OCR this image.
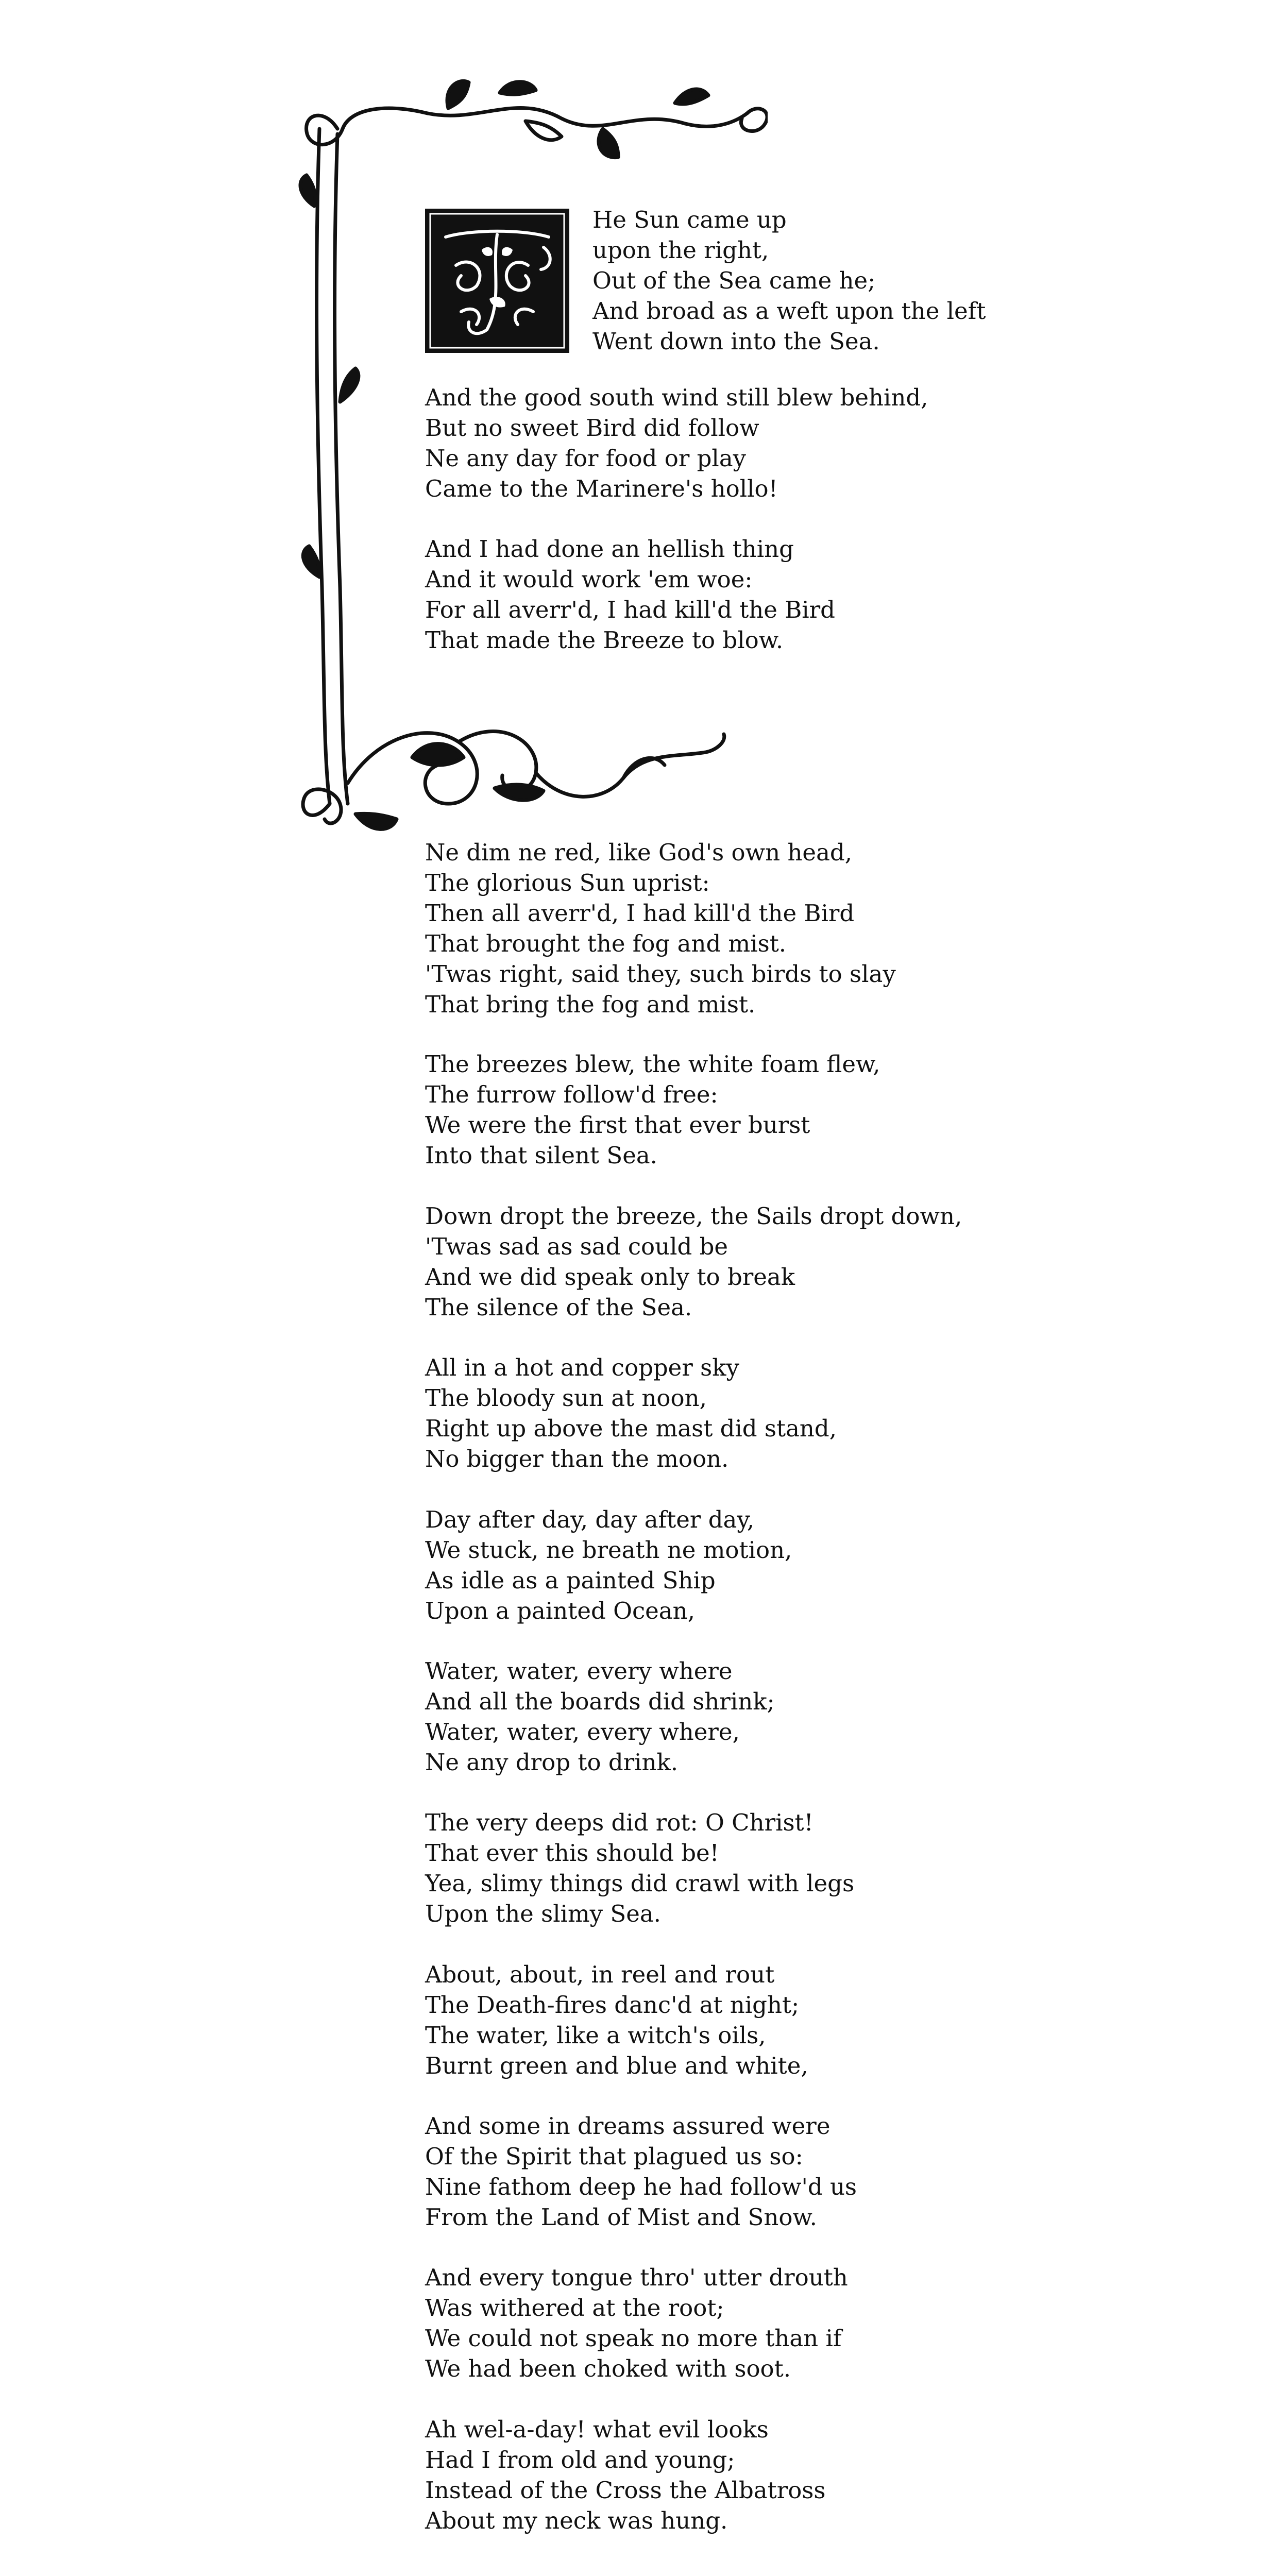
He Sun came up
upon the right,
Out of the Sea came he;
And broad as a weft upon the left
Went down into the Sea.

And the good south wind still blew behind,
But no sweet Bird did follow
Ne any day for food or play
Came to the Marinere's hollo!

And I had done an hellish thing
And it would work 'em woe:
For all averr'd, I had kill'd the Bird
That made the Breeze to blow.

Ne dim ne red, like God's own head,
The glorious Sun uprist:
Then all averr'd, I had kill'd the Bird
That brought the fog and mist.
'Twas right, said they, such birds to slay
That bring the fog and mist.

The breezes blew, the white foam flew,
The furrow follow'd free:
We were the first that ever burst
Into that silent Sea.

Down dropt the breeze, the Sails dropt down,
'Twas sad as sad could be
And we did speak only to break
The silence of the Sea.

All in a hot and copper sky
The bloody sun at noon,
Right up above the mast did stand,
No bigger than the moon.

Day after day, day after day,
We stuck, ne breath ne motion,
As idle as a painted Ship
Upon a painted Ocean,

Water, water, every where
And all the boards did shrink;
Water, water, every where,
Ne any drop to drink.

The very deeps did rot: O Christ!
That ever this should be!
Yea, slimy things did crawl with legs
Upon the slimy Sea.

About, about, in reel and rout
The Death-fires danc'd at night;
The water, like a witch's oils,
Burnt green and blue and white,

And some in dreams assured were
Of the Spirit that plagued us so:
Nine fathom deep he had follow'd us
From the Land of Mist and Snow.

And every tongue thro' utter drouth
Was withered at the root;
We could not speak no more than if
We had been choked with soot.

Ah wel-a-day! what evil looks
Had I from old and young;
Instead of the Cross the Albatross
About my neck was hung.
